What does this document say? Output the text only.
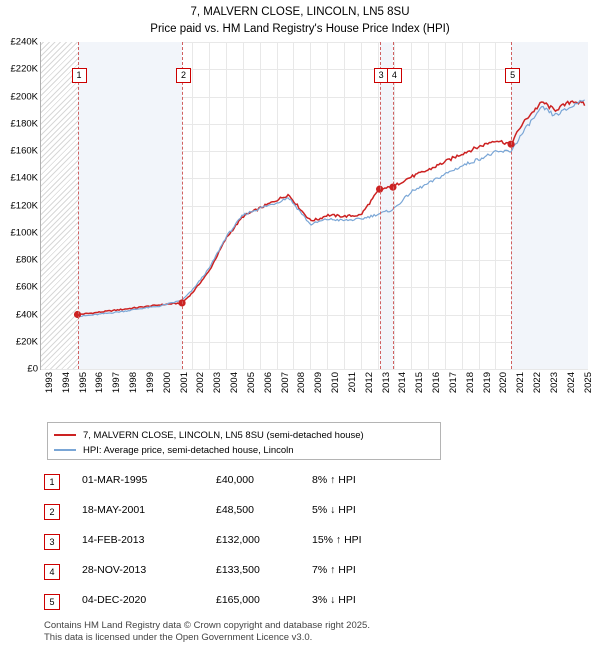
7, MALVERN CLOSE, LINCOLN, LN5 8SU
Price paid vs. HM Land Registry's House Price Index (HPI)
£0
£20K
£40K
£60K
£80K
£100K
£120K
£140K
£160K
£180K
£200K
£220K
£240K
1	2	3 4	5
1993 1994 1995 1996 1997 1998 1999 2000 2001 2002 2003 2004 2005 2006 2007 2008 2009 2010 2011 2012 2013 2014 2015 2016 2017 2018 2019 2020 2021 2022 2023 2024 2025
7, MALVERN CLOSE, LINCOLN, LN5 8SU (semi-detached house)
HPI: Average price, semi-detached house, Lincoln
1	01-MAR-1995	£40,000	8% ↑ HPI
2	18-MAY-2001	£48,500	5% ↓ HPI
3	14-FEB-2013	£132,000	15% ↑ HPI
4	28-NOV-2013	£133,500	7% ↑ HPI
5	04-DEC-2020	£165,000	3% ↓ HPI
Contains HM Land Registry data © Crown copyright and database right 2025.
This data is licensed under the Open Government Licence v3.0.
